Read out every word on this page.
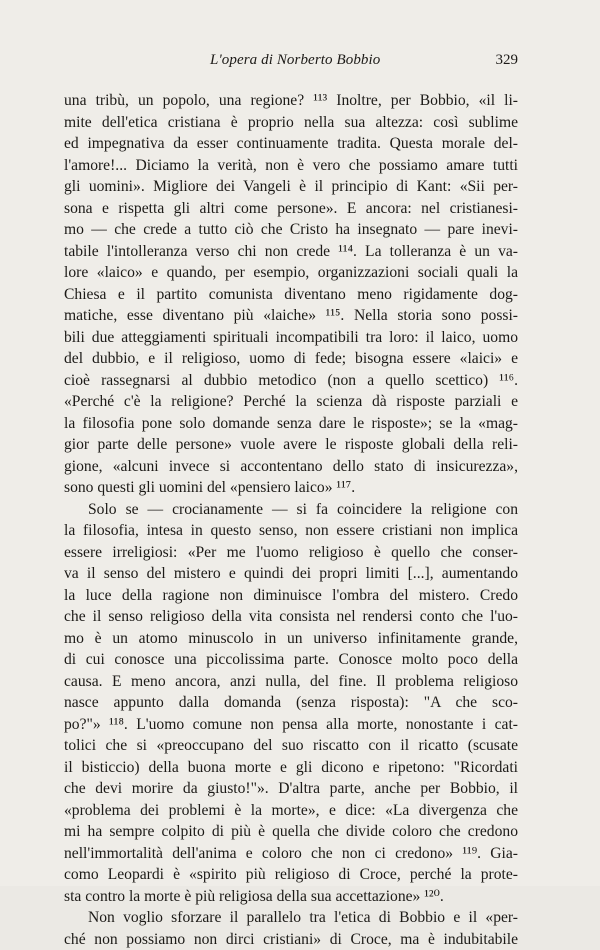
L'opera di Norberto Bobbio	329
una tribù, un popolo, una regione? ¹¹³ Inoltre, per Bobbio, «il li-
mite dell'etica cristiana è proprio nella sua altezza: così sublime
ed impegnativa da esser continuamente tradita. Questa morale del-
l'amore!... Diciamo la verità, non è vero che possiamo amare tutti
gli uomini». Migliore dei Vangeli è il principio di Kant: «Sii per-
sona e rispetta gli altri come persone». E ancora: nel cristianesi-
mo — che crede a tutto ciò che Cristo ha insegnato — pare inevi-
tabile l'intolleranza verso chi non crede ¹¹⁴. La tolleranza è un va-
lore «laico» e quando, per esempio, organizzazioni sociali quali la
Chiesa e il partito comunista diventano meno rigidamente dog-
matiche, esse diventano più «laiche» ¹¹⁵. Nella storia sono possi-
bili due atteggiamenti spirituali incompatibili tra loro: il laico, uomo
del dubbio, e il religioso, uomo di fede; bisogna essere «laici» e
cioè rassegnarsi al dubbio metodico (non a quello scettico) ¹¹⁶.
«Perché c'è la religione? Perché la scienza dà risposte parziali e
la filosofia pone solo domande senza dare le risposte»; se la «mag-
gior parte delle persone» vuole avere le risposte globali della reli-
gione, «alcuni invece si accontentano dello stato di insicurezza»,
sono questi gli uomini del «pensiero laico» ¹¹⁷.
Solo se — crocianamente — si fa coincidere la religione con
la filosofia, intesa in questo senso, non essere cristiani non implica
essere irreligiosi: «Per me l'uomo religioso è quello che conser-
va il senso del mistero e quindi dei propri limiti [...], aumentando
la luce della ragione non diminuisce l'ombra del mistero. Credo
che il senso religioso della vita consista nel rendersi conto che l'uo-
mo è un atomo minuscolo in un universo infinitamente grande,
di cui conosce una piccolissima parte. Conosce molto poco della
causa. E meno ancora, anzi nulla, del fine. Il problema religioso
nasce appunto dalla domanda (senza risposta): "A che sco-
po?"» ¹¹⁸. L'uomo comune non pensa alla morte, nonostante i cat-
tolici che si «preoccupano del suo riscatto con il ricatto (scusate
il bisticcio) della buona morte e gli dicono e ripetono: "Ricordati
che devi morire da giusto!"». D'altra parte, anche per Bobbio, il
«problema dei problemi è la morte», e dice: «La divergenza che
mi ha sempre colpito di più è quella che divide coloro che credono
nell'immortalità dell'anima e coloro che non ci credono» ¹¹⁹. Gia-
como Leopardi è «spirito più religioso di Croce, perché la prote-
sta contro la morte è più religiosa della sua accettazione» ¹²⁰.
Non voglio sforzare il parallelo tra l'etica di Bobbio e il «per-
ché non possiamo non dirci cristiani» di Croce, ma è indubitabile
